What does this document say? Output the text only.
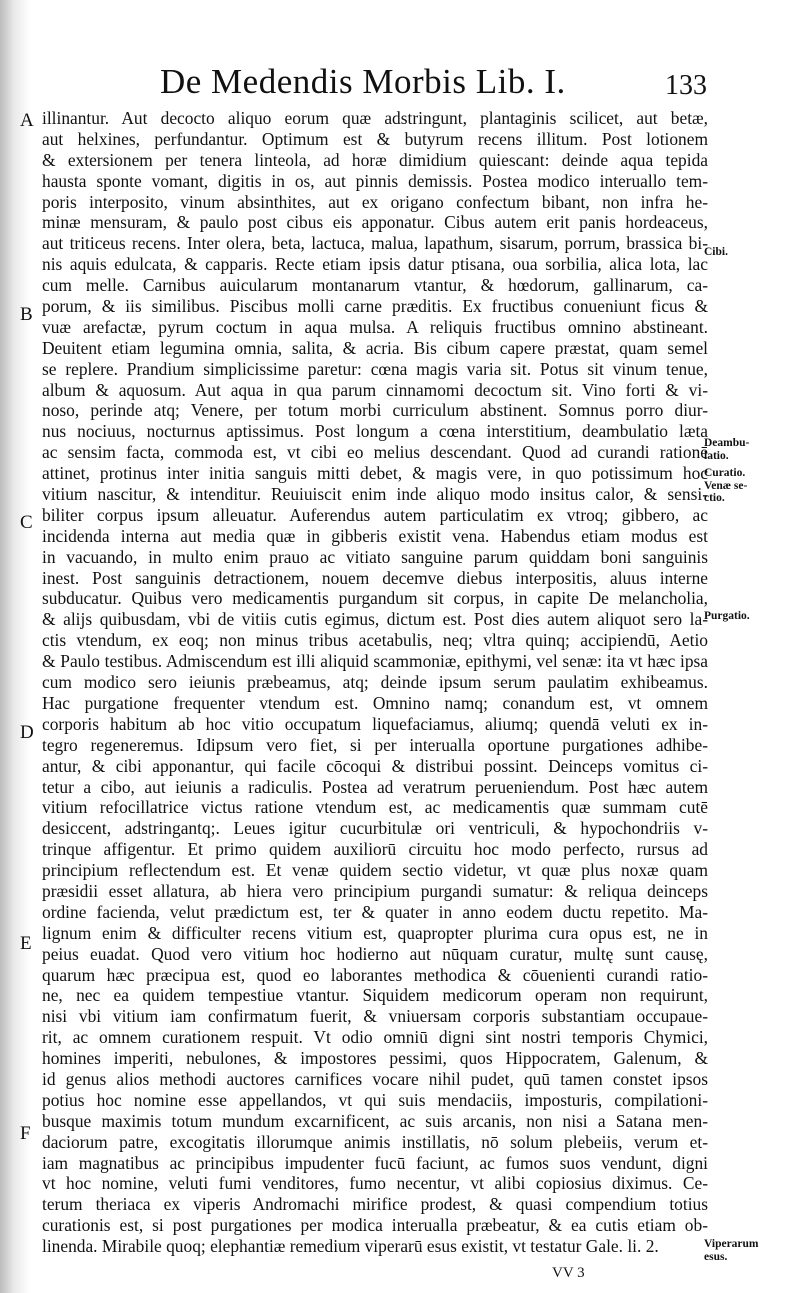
De Medendis Morbis Lib. I.	133
A
B
C
D
E
F
illinantur. Aut decocto aliquo eorum quæ adstringunt, plantaginis scilicet, aut betæ,
aut helxines, perfundantur. Optimum est & butyrum recens illitum. Post lotionem
& extersionem per tenera linteola, ad horæ dimidium quiescant: deinde aqua tepida
hausta sponte vomant, digitis in os, aut pinnis demissis. Postea modico interuallo tem-
poris interposito, vinum absinthites, aut ex origano confectum bibant, non infra he-
minæ mensuram, & paulo post cibus eis apponatur. Cibus autem erit panis hordeaceus,
aut triticeus recens. Inter olera, beta, lactuca, malua, lapathum, sisarum, porrum, brassica bi-
nis aquis edulcata, & capparis. Recte etiam ipsis datur ptisana, oua sorbilia, alica lota, lac
cum melle. Carnibus auicularum montanarum vtantur, & hœdorum, gallinarum, ca-
porum, & iis similibus. Piscibus molli carne præditis. Ex fructibus conueniunt ficus &
vuæ arefactæ, pyrum coctum in aqua mulsa. A reliquis fructibus omnino abstineant.
Deuitent etiam legumina omnia, salita, & acria. Bis cibum capere præstat, quam semel
se replere. Prandium simplicissime paretur: cœna magis varia sit. Potus sit vinum tenue,
album & aquosum. Aut aqua in qua parum cinnamomi decoctum sit. Vino forti & vi-
noso, perinde atq; Venere, per totum morbi curriculum abstinent. Somnus porro diur-
nus nociuus, nocturnus aptissimus. Post longum a cœna interstitium, deambulatio læta
ac sensim facta, commoda est, vt cibi eo melius descendant. Quod ad curandi rationē
attinet, protinus inter initia sanguis mitti debet, & magis vere, in quo potissimum hoc
vitium nascitur, & intenditur. Reuiuiscit enim inde aliquo modo insitus calor, & sensi-
biliter corpus ipsum alleuatur. Auferendus autem particulatim ex vtroq; gibbero, ac
incidenda interna aut media quæ in gibberis existit vena. Habendus etiam modus est
in vacuando, in multo enim prauo ac vitiato sanguine parum quiddam boni sanguinis
inest. Post sanguinis detractionem, nouem decemve diebus interpositis, aluus interne
subducatur. Quibus vero medicamentis purgandum sit corpus, in capite De melancholia,
& alijs quibusdam, vbi de vitiis cutis egimus, dictum est. Post dies autem aliquot sero la-
ctis vtendum, ex eoq; non minus tribus acetabulis, neq; vltra quinq; accipiendū, Aetio
& Paulo testibus. Admiscendum est illi aliquid scammoniæ, epithymi, vel senæ: ita vt hæc ipsa
cum modico sero ieiunis præbeamus, atq; deinde ipsum serum paulatim exhibeamus.
Hac purgatione frequenter vtendum est. Omnino namq; conandum est, vt omnem
corporis habitum ab hoc vitio occupatum liquefaciamus, aliumq; quendā veluti ex in-
tegro regeneremus. Idipsum vero fiet, si per interualla oportune purgationes adhibe-
antur, & cibi apponantur, qui facile cōcoqui & distribui possint. Deinceps vomitus ci-
tetur a cibo, aut ieiunis a radiculis. Postea ad veratrum perueniendum. Post hæc autem
vitium refocillatrice victus ratione vtendum est, ac medicamentis quæ summam cutē
desiccent, adstringantq;. Leues igitur cucurbitulæ ori ventriculi, & hypochondriis v-
trinque affigentur. Et primo quidem auxiliorū circuitu hoc modo perfecto, rursus ad
principium reflectendum est. Et venæ quidem sectio videtur, vt quæ plus noxæ quam
præsidii esset allatura, ab hiera vero principium purgandi sumatur: & reliqua deinceps
ordine facienda, velut prædictum est, ter & quater in anno eodem ductu repetito. Ma-
lignum enim & difficulter recens vitium est, quapropter plurima cura opus est, ne in
peius euadat. Quod vero vitium hoc hodierno aut nūquam curatur, multę sunt causę,
quarum hæc præcipua est, quod eo laborantes methodica & cōuenienti curandi ratio-
ne, nec ea quidem tempestiue vtantur. Siquidem medicorum operam non requirunt,
nisi vbi vitium iam confirmatum fuerit, & vniuersam corporis substantiam occupaue-
rit, ac omnem curationem respuit. Vt odio omniū digni sint nostri temporis Chymici,
homines imperiti, nebulones, & impostores pessimi, quos Hippocratem, Galenum, &
id genus alios methodi auctores carnifices vocare nihil pudet, quū tamen constet ipsos
potius hoc nomine esse appellandos, vt qui suis mendaciis, imposturis, compilationi-
busque maximis totum mundum excarnificent, ac suis arcanis, non nisi a Satana men-
daciorum patre, excogitatis illorumque animis instillatis, nō solum plebeiis, verum et-
iam magnatibus ac principibus impudenter fucū faciunt, ac fumos suos vendunt, digni
vt hoc nomine, veluti fumi venditores, fumo necentur, vt alibi copiosius diximus. Ce-
terum theriaca ex viperis Andromachi mirifice prodest, & quasi compendium totius
curationis est, si post purgationes per modica interualla præbeatur, & ea cutis etiam ob-
linenda. Mirabile quoq; elephantiæ remedium viperarū esus existit, vt testatur Gale. li. 2.
Cibi.
Deambu- latio.
Curatio. Venæ se- ctio.
Purgatio.
Viperarum esus.
VV 3
